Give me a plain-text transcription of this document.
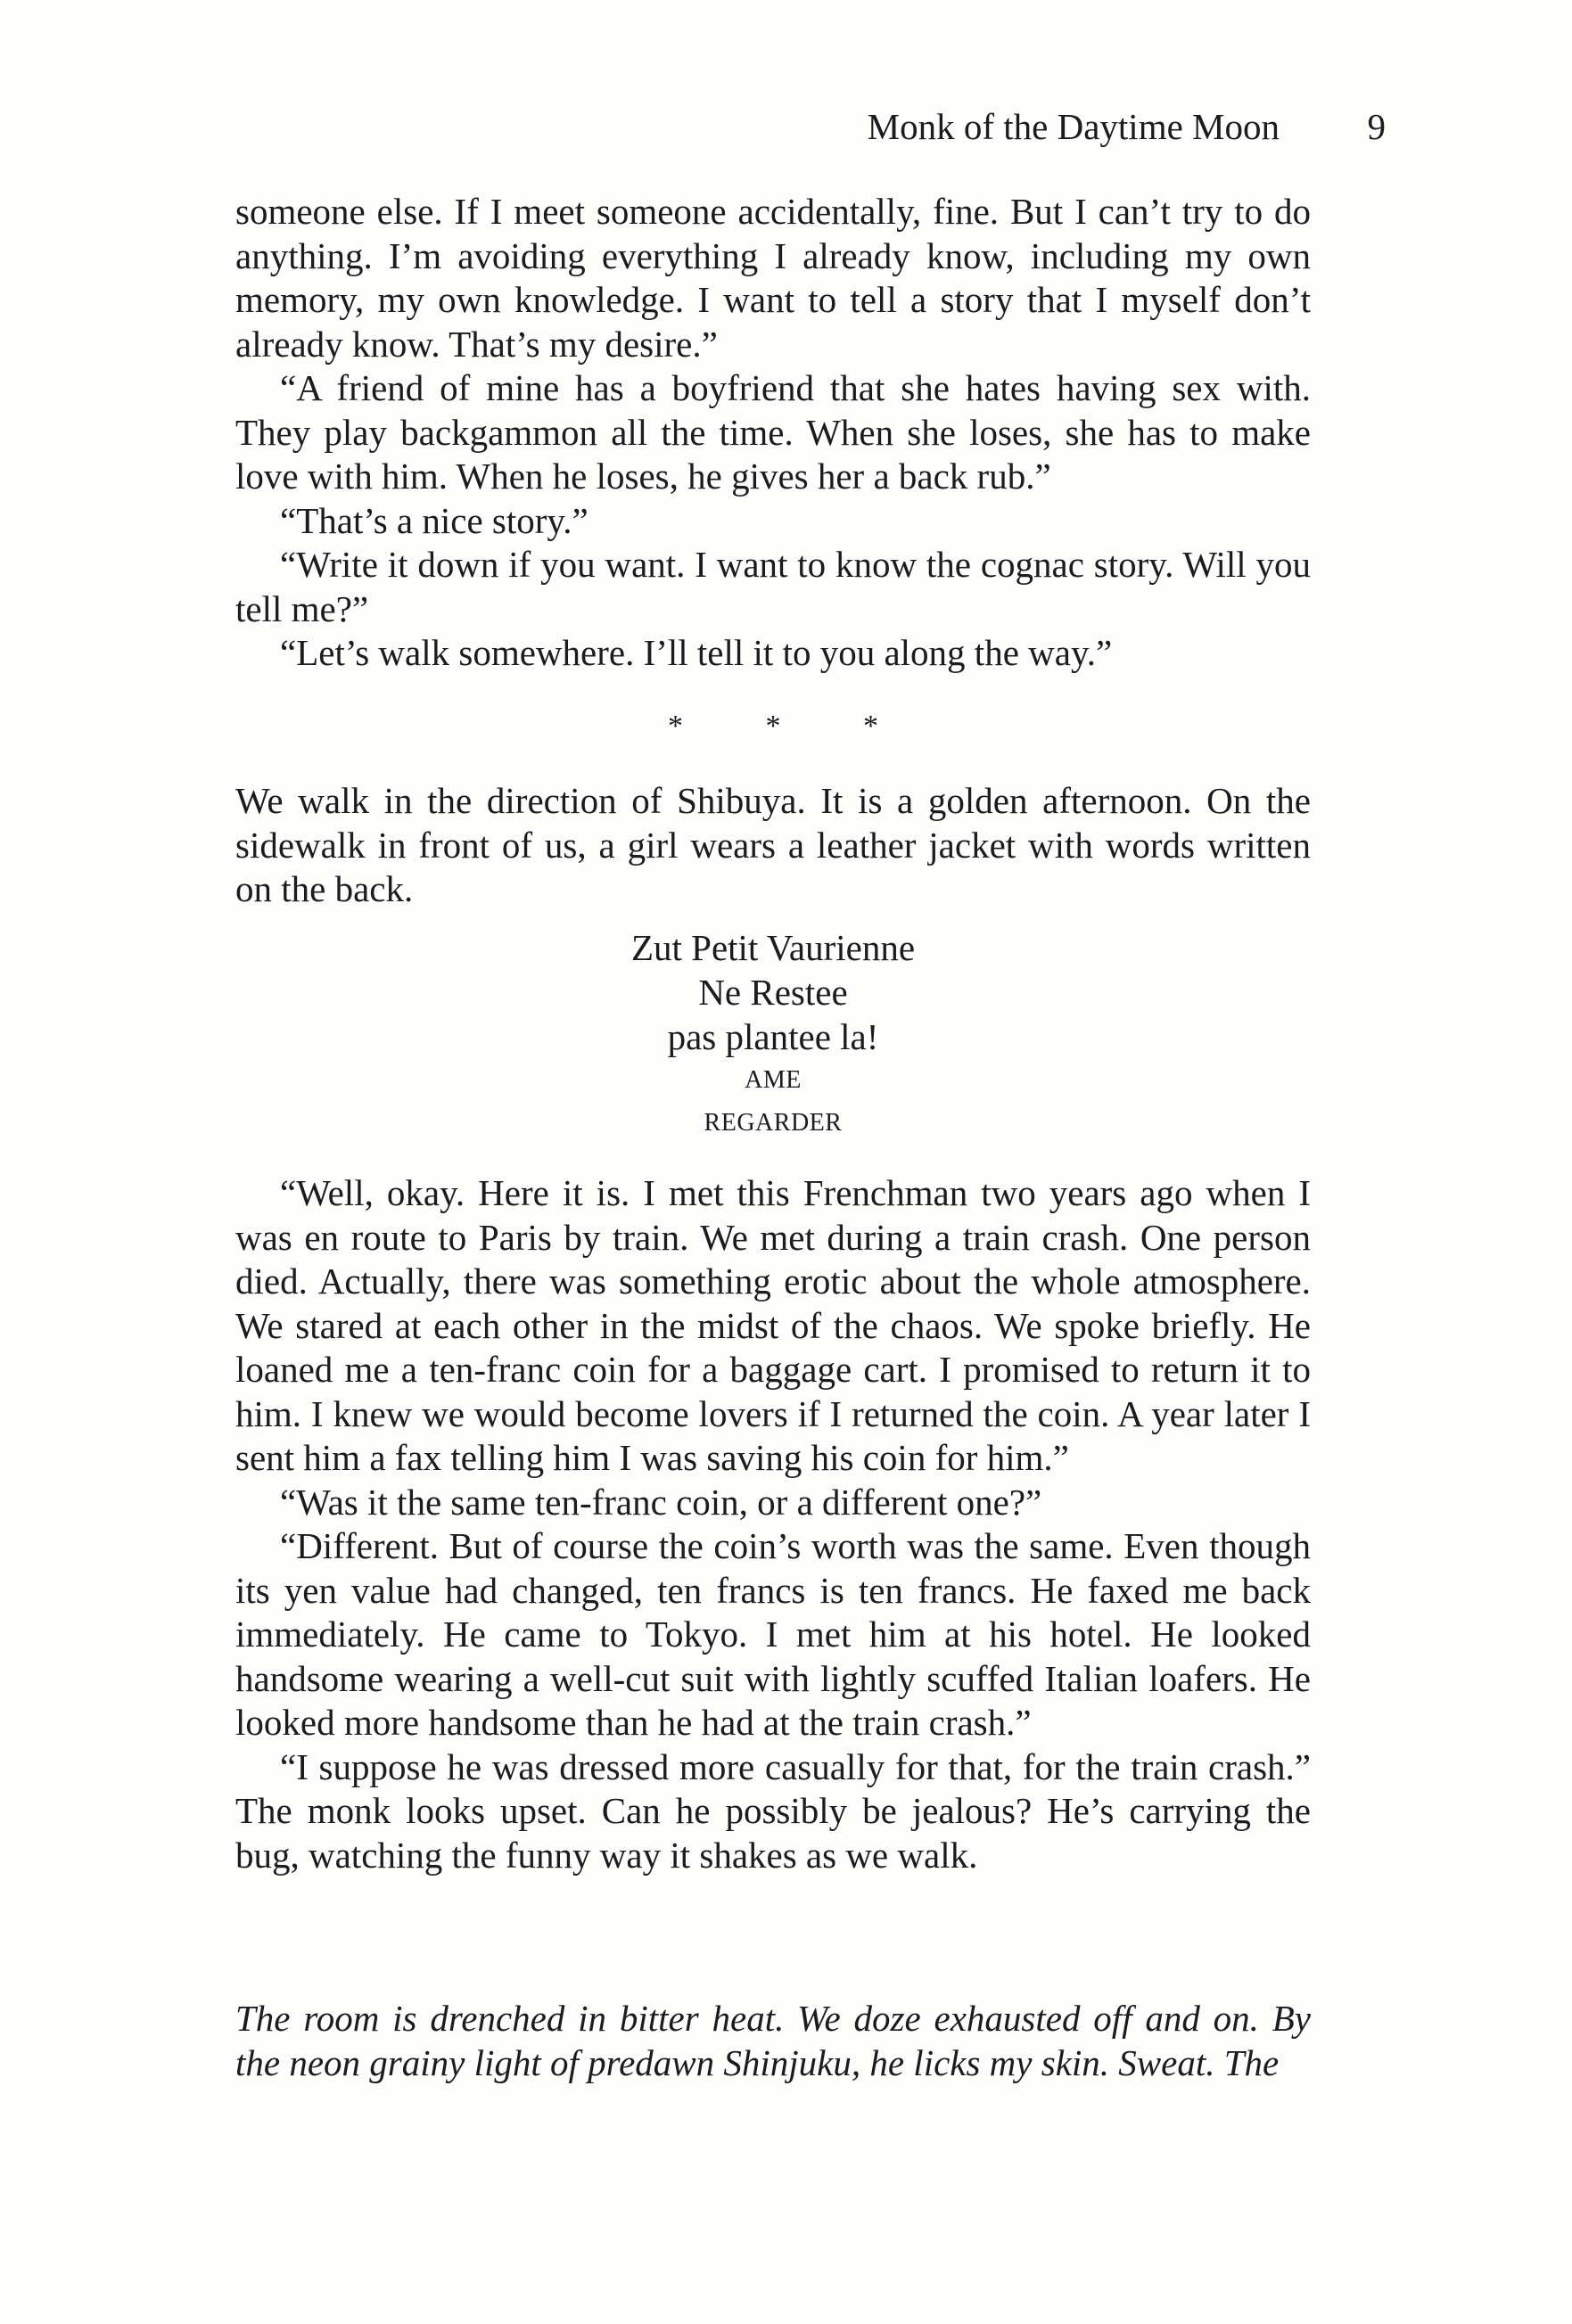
Monk of the Daytime Moon 9

someone else. If I meet someone accidentally, fine. But I can’t try to do anything. I’m avoiding everything I already know, including my own memory, my own knowledge. I want to tell a story that I myself don’t already know. That’s my desire.”

“A friend of mine has a boyfriend that she hates having sex with. They play backgammon all the time. When she loses, she has to make love with him. When he loses, he gives her a back rub.”

“That’s a nice story.”

“Write it down if you want. I want to know the cognac story. Will you tell me?”

“Let’s walk somewhere. I’ll tell it to you along the way.”

* * *

We walk in the direction of Shibuya. It is a golden afternoon. On the sidewalk in front of us, a girl wears a leather jacket with words written on the back.

Zut Petit Vaurienne

Ne Restee

pas plantee la!

AME

REGARDER

“Well, okay. Here it is. I met this Frenchman two years ago when I was en route to Paris by train. We met during a train crash. One person died. Actually, there was something erotic about the whole atmosphere. We stared at each other in the midst of the chaos. We spoke briefly. He loaned me a ten-franc coin for a baggage cart. I promised to return it to him. I knew we would become lovers if I returned the coin. A year later I sent him a fax telling him I was saving his coin for him.”

“Was it the same ten-franc coin, or a different one?”

“Different. But of course the coin’s worth was the same. Even though its yen value had changed, ten francs is ten francs. He faxed me back immediately. He came to Tokyo. I met him at his hotel. He looked handsome wearing a well-cut suit with lightly scuffed Italian loafers. He looked more handsome than he had at the train crash.”

“I suppose he was dressed more casually for that, for the train crash.” The monk looks upset. Can he possibly be jealous? He’s carrying the bug, watching the funny way it shakes as we walk.

The room is drenched in bitter heat. We doze exhausted off and on. By the neon grainy light of predawn Shinjuku, he licks my skin. Sweat. The
